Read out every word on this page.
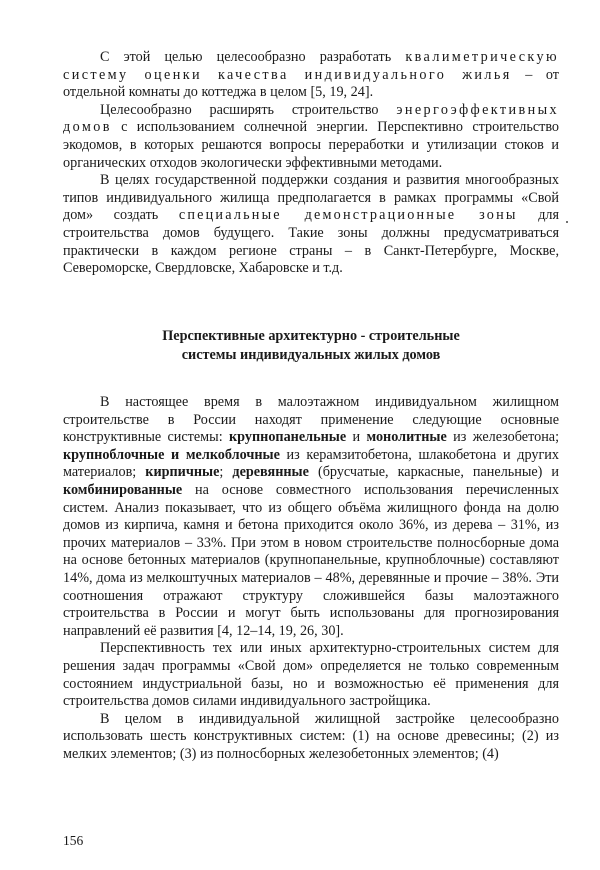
С этой целью целесообразно разработать квалиметрическую систему оценки качества индивидуального жилья – от отдельной комнаты до коттеджа в целом [5, 19, 24].

Целесообразно расширять строительство энергоэффективных домов с использованием солнечной энергии. Перспективно строительство экодомов, в которых решаются вопросы переработки и утилизации стоков и органических отходов экологически эффективными методами.

В целях государственной поддержки создания и развития многообразных типов индивидуального жилища предполагается в рамках программы «Свой дом» создать специальные демонстрационные зоны для строительства домов будущего. Такие зоны должны предусматриваться практически в каждом регионе страны – в Санкт-Петербурге, Москве, Североморске, Свердловске, Хабаровске и т.д.

Перспективные архитектурно - строительные
системы индивидуальных жилых домов

В настоящее время в малоэтажном индивидуальном жилищном строительстве в России находят применение следующие основные конструктивные системы: крупнопанельные и монолитные из железобетона; крупноблочные и мелкоблочные из керамзитобетона, шлакобетона и других материалов; кирпичные; деревянные (брусчатые, каркасные, панельные) и комбинированные на основе совместного использования перечисленных систем. Анализ показывает, что из общего объёма жилищного фонда на долю домов из кирпича, камня и бетона приходится около 36%, из дерева – 31%, из прочих материалов – 33%. При этом в новом строительстве полносборные дома на основе бетонных материалов (крупнопанельные, крупноблочные) составляют 14%, дома из мелкоштучных материалов – 48%, деревянные и прочие – 38%. Эти соотношения отражают структуру сложившейся базы малоэтажного строительства в России и могут быть использованы для прогнозирования направлений её развития [4, 12–14, 19, 26, 30].

Перспективность тех или иных архитектурно-строительных систем для решения задач программы «Свой дом» определяется не только современным состоянием индустриальной базы, но и возможностью её применения для строительства домов силами индивидуального застройщика.

В целом в индивидуальной жилищной застройке целесообразно использовать шесть конструктивных систем: (1) на основе древесины; (2) из мелких элементов; (3) из полносборных железобетонных элементов; (4)

156
